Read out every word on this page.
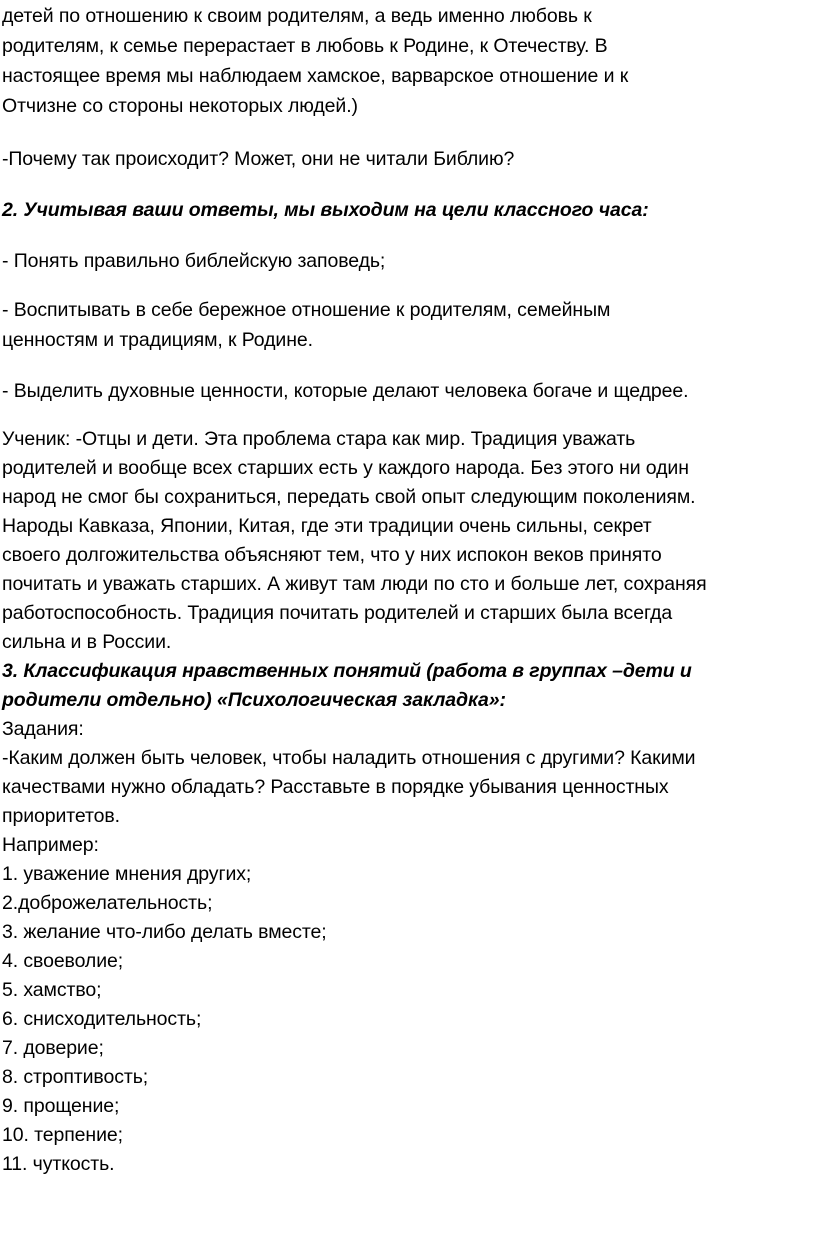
детей по отношению к своим родителям, а ведь именно любовь к
родителям, к семье перерастает в любовь к Родине, к Отечеству. В
настоящее время мы наблюдаем хамское, варварское отношение и к
Отчизне со стороны некоторых людей.)
-Почему так происходит? Может, они не читали Библию?
2. Учитывая ваши ответы, мы выходим на цели классного часа:
- Понять правильно библейскую заповедь;
- Воспитывать в себе бережное отношение к родителям, семейным
ценностям и традициям, к Родине.
- Выделить духовные ценности, которые делают человека богаче и щедрее.
Ученик: -Отцы и дети. Эта проблема стара как мир. Традиция уважать
родителей и вообще всех старших есть у каждого народа. Без этого ни один
народ не смог бы сохраниться, передать свой опыт следующим поколениям.
Народы Кавказа, Японии, Китая, где эти традиции очень сильны, секрет
своего долгожительства объясняют тем, что у них испокон веков принято
почитать и уважать старших. А живут там люди по сто и больше лет, сохраняя
работоспособность. Традиция почитать родителей и старших была всегда
сильна и в России.
3. Классификация нравственных понятий (работа в группах –дети и
родители отдельно) «Психологическая закладка»:
Задания:
-Каким должен быть человек, чтобы наладить отношения с другими? Какими
качествами нужно обладать? Расставьте в порядке убывания ценностных
приоритетов.
Например:
1. уважение мнения других;
2.доброжелательность;
3. желание что-либо делать вместе;
4. своеволие;
5. хамство;
6. снисходительность;
7. доверие;
8. строптивость;
9. прощение;
10. терпение;
11. чуткость.
